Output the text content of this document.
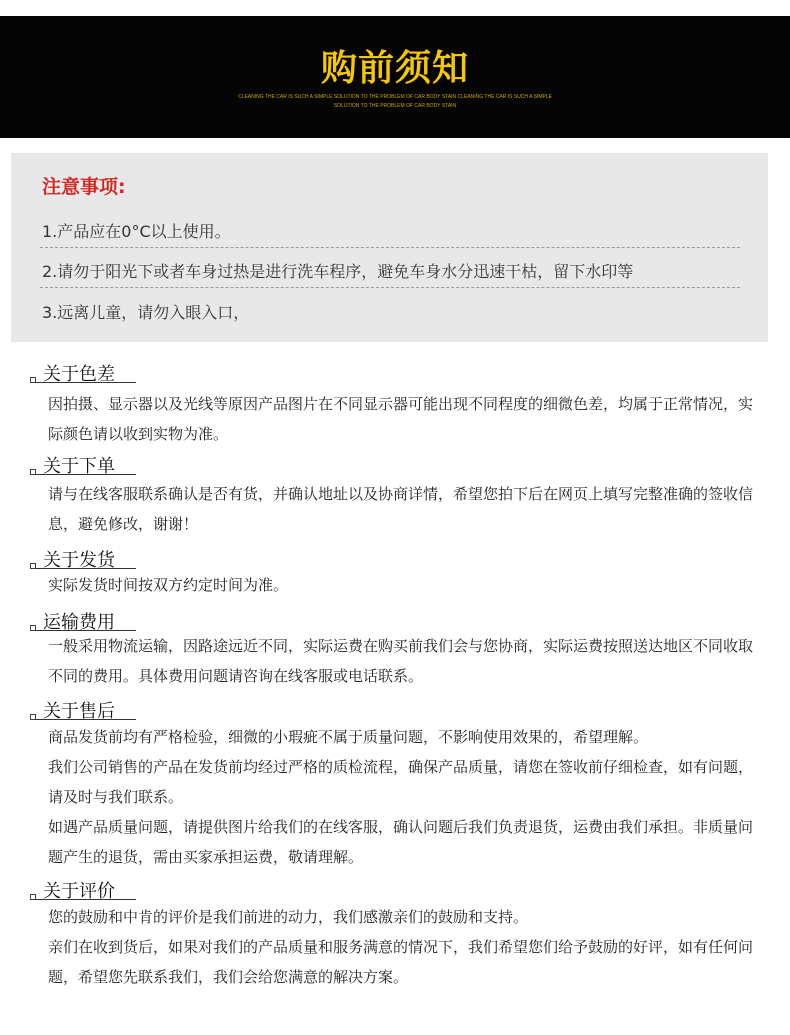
购前须知
CLEANING THE CAR IS SUCH A SIMPLE SOLUTION TO THE PROBLEM OF CAR BODY STAIN CLEANING THE CAR IS SUCH A SIMPLE SOLUTION TO THE PROBLEM OF CAR BODY STAIN
注意事项:
1.产品应在0°C以上使用。
2.请勿于阳光下或者车身过热是进行洗车程序，避免车身水分迅速干枯，留下水印等
3.远离儿童，请勿入眼入口，
关于色差
因拍摄、显示器以及光线等原因产品图片在不同显示器可能出现不同程度的细微色差，均属于正常情况，实际颜色请以收到实物为准。
关于下单
请与在线客服联系确认是否有货，并确认地址以及协商详情，希望您拍下后在网页上填写完整准确的签收信息，避免修改，谢谢！
关于发货
实际发货时间按双方约定时间为准。
运输费用
一般采用物流运输，因路途远近不同，实际运费在购买前我们会与您协商，实际运费按照送达地区不同收取不同的费用。具体费用问题请咨询在线客服或电话联系。
关于售后
商品发货前均有严格检验，细微的小瑕疵不属于质量问题，不影响使用效果的，希望理解。
我们公司销售的产品在发货前均经过严格的质检流程，确保产品质量，请您在签收前仔细检查，如有问题，请及时与我们联系。
如遇产品质量问题，请提供图片给我们的在线客服，确认问题后我们负责退货，运费由我们承担。非质量问题产生的退货，需由买家承担运费，敬请理解。
关于评价
您的鼓励和中肯的评价是我们前进的动力，我们感激亲们的鼓励和支持。
亲们在收到货后，如果对我们的产品质量和服务满意的情况下，我们希望您们给予鼓励的好评，如有任何问题，希望您先联系我们，我们会给您满意的解决方案。
